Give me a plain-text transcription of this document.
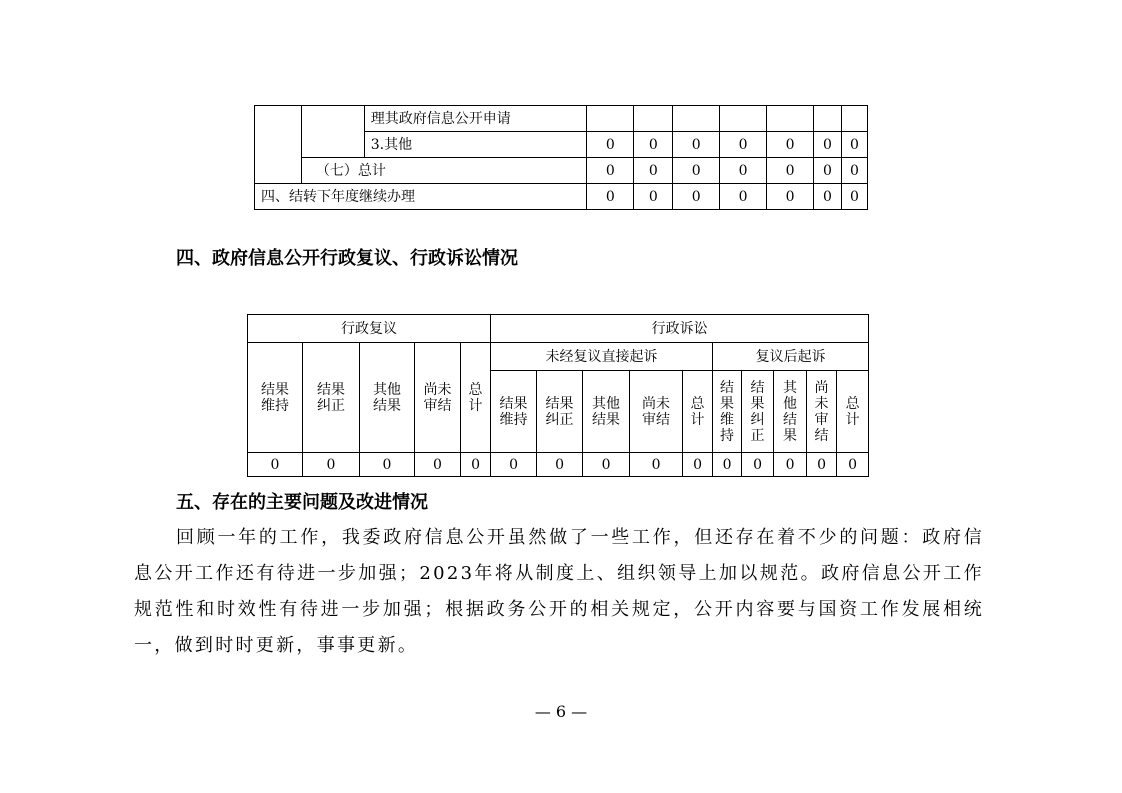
		理其政府信息公开申请							
		3.其他	0	0	0	0	0	0	0
	（七）总计		0	0	0	0	0	0	0
四、结转下年度继续办理			0	0	0	0	0	0	0
四、政府信息公开行政复议、行政诉讼情况
行政复议					行政诉讼									
结果维持	结果纠正	其他结果	尚未审结	总计	未经复议直接起诉					复议后起诉				
					结果维持	结果纠正	其他结果	尚未审结	总计	结果维持	结果纠正	其他结果	尚未审结	总计
0	0	0	0	0	0	0	0	0	0	0	0	0	0	0
五、存在的主要问题及改进情况

回顾一年的工作，我委政府信息公开虽然做了一些工作，但还存在着不少的问题：政府信息公开工作还有待进一步加强；2023年将从制度上、组织领导上加以规范。政府信息公开工作规范性和时效性有待进一步加强；根据政务公开的相关规定，公开内容要与国资工作发展相统一，做到时时更新，事事更新。

— 6 —
